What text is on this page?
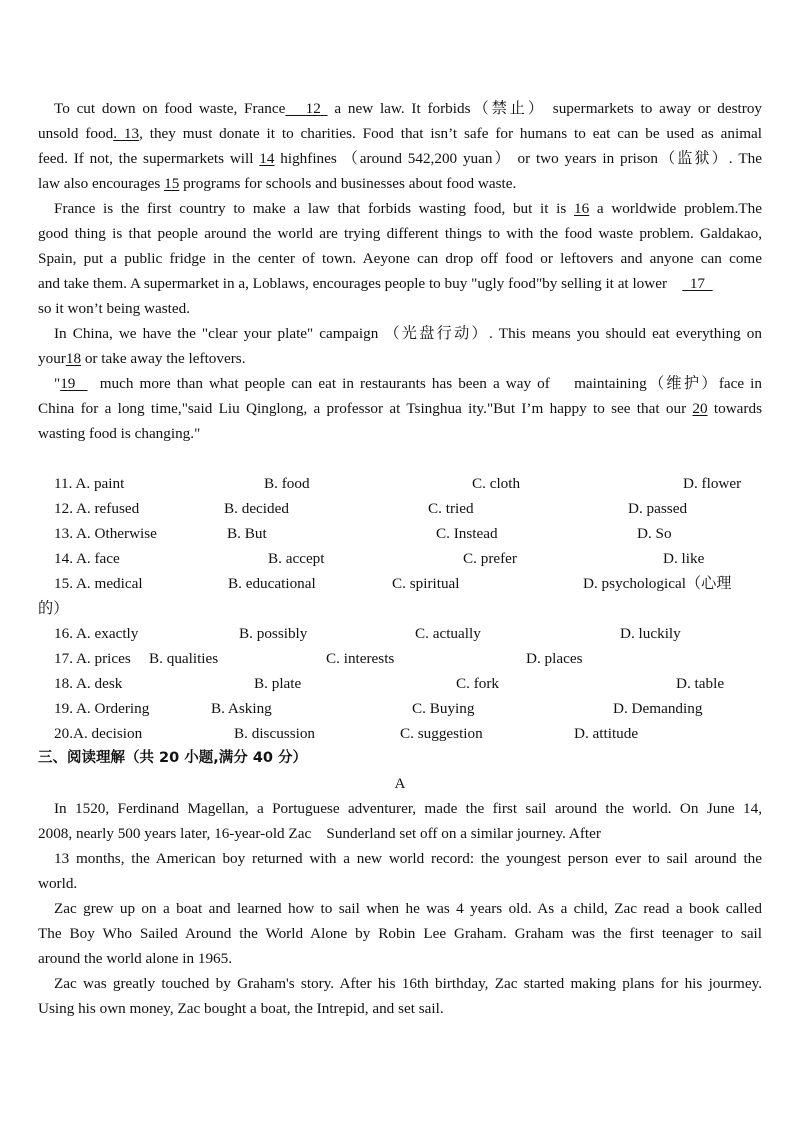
To cut down on food waste, France 12  a new law. It forbids（禁止） supermarkets to away or destroy
unsold food. 13, they must donate it to charities. Food that isn’t safe for humans to eat can be used as animal
feed. If not, the supermarkets will 14 highfines （around 542,200 yuan） or two years in prison（监狱）. The
law also encourages 15 programs for schools and businesses about food waste.
France is the first country to make a law that forbids wasting food, but it is 16 a worldwide problem.The
good thing is that people around the world are trying different things to with the food waste problem. Galdakao,
Spain, put a public fridge in the center of town. Aeyone can drop off food or leftovers and anyone can come
and take them. A supermarket in a, Loblaws, encourages people to buy "ugly food"by selling it at lower      17
so it won’t being wasted.
In China, we have the "clear your plate" campaign （光盘行动）. This means you should eat everything on
your18 or take away the leftovers.
"19    much more than what people can eat in restaurants has been a way of    maintaining（维护）face in
China for a long time,"said Liu Qinglong, a professor at Tsinghua ity."But I’m happy to see that our 20 towards
wasting food is changing."
11. A. paint	B. food	C. cloth	D. flower
12. A. refused	B. decided	C. tried	D. passed
13. A. Otherwise	B. But	C. Instead	D. So
14. A. face	B. accept	C. prefer	D. like
15. A. medical	B. educational	C. spiritual	D. psychological（心理
的）
16. A. exactly	B. possibly	C. actually	D. luckily
17. A. prices B. qualities	C. interests	D. places
18. A. desk	B. plate	C. fork	D. table
19. A. Ordering	B. Asking	C. Buying	D. Demanding
20.A. decision	B. discussion	C. suggestion	D. attitude
三、阅读理解（共 20 小题,满分 40 分）
A
In 1520, Ferdinand Magellan, a Portuguese adventurer, made the first sail around the world. On June 14,
2008, nearly 500 years later, 16-year-old Zac    Sunderland set off on a similar journey. After
13 months, the American boy returned with a new world record: the youngest person ever to sail around the
world.
Zac grew up on a boat and learned how to sail when he was 4 years old. As a child, Zac read a book called
The Boy Who Sailed Around the World Alone by Robin Lee Graham. Graham was the first teenager to sail
around the world alone in 1965.
Zac was greatly touched by Graham's story. After his 16th birthday, Zac started making plans for his jourmey.
Using his own money, Zac bought a boat, the Intrepid, and set sail.
